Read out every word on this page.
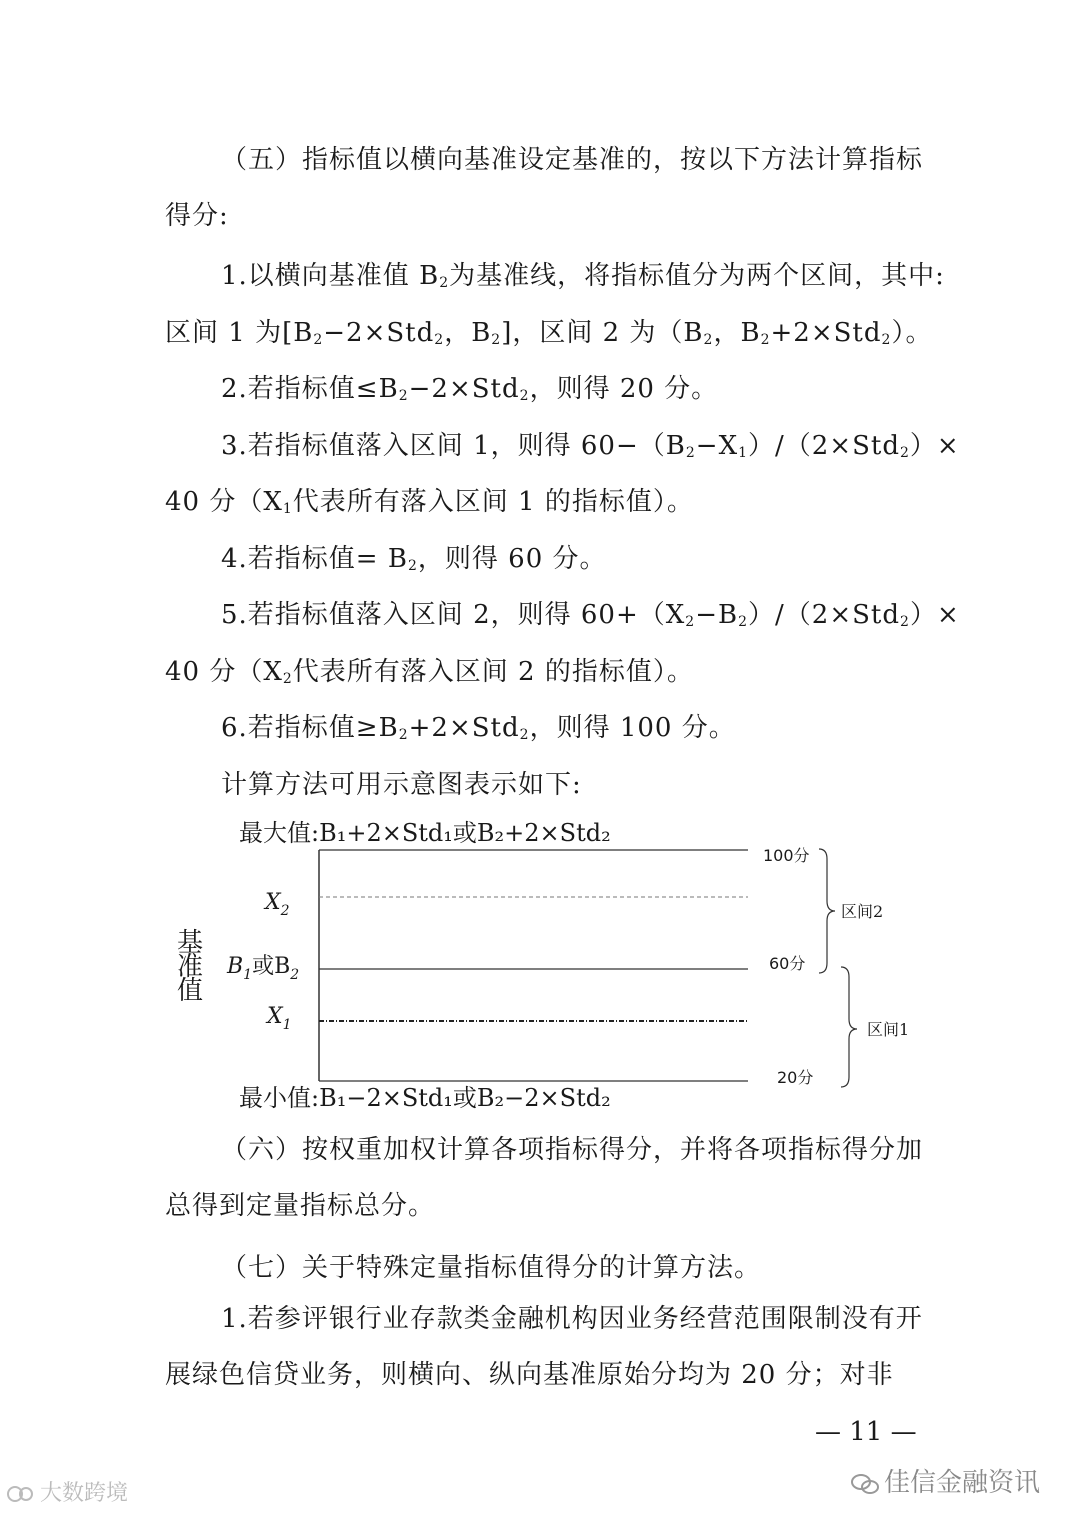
（五）指标值以横向基准设定基准的，按以下方法计算指标得分:
1.以横向基准值 $B_2$为基准线，将指标值分为两个区间，其中:
区间 1 为[$B_2-2\times Std_2$，$B_2$]，区间 2 为（$B_2$，$B_2+2\times Std_2$）。
2.若指标值$\le B_2-2\times Std_2$，则得 20 分。
3.若指标值落入区间 1，则得 $60-(B_2-X_1)/(2\times Std_2)\times$
40 分（$X_1$代表所有落入区间 1 的指标值）。
4.若指标值= $B_2$，则得 60 分。
5.若指标值落入区间 2，则得 $60+(X_2-B_2)/(2\times Std_2)\times$
40 分（$X_2$代表所有落入区间 2 的指标值）。
6.若指标值$\ge B_2+2\times Std_2$，则得 100 分。
计算方法可用示意图表示如下:
最大值:B₁+2×Std₁或B₂+2×Std₂
基
准
值
$X_2$
$B_1$或$B_2$
$X_1$
100分
60分
20分
区间2
区间1
最小值:B₁−2×Std₁或B₂−2×Std₂
（六）按权重加权计算各项指标得分，并将各项指标得分加总得到定量指标总分。
（七）关于特殊定量指标值得分的计算方法。
1.若参评银行业存款类金融机构因业务经营范围限制没有开展绿色信贷业务，则横向、纵向基准原始分均为 20 分；对非
— 11 —
大数跨境	佳信金融资讯
